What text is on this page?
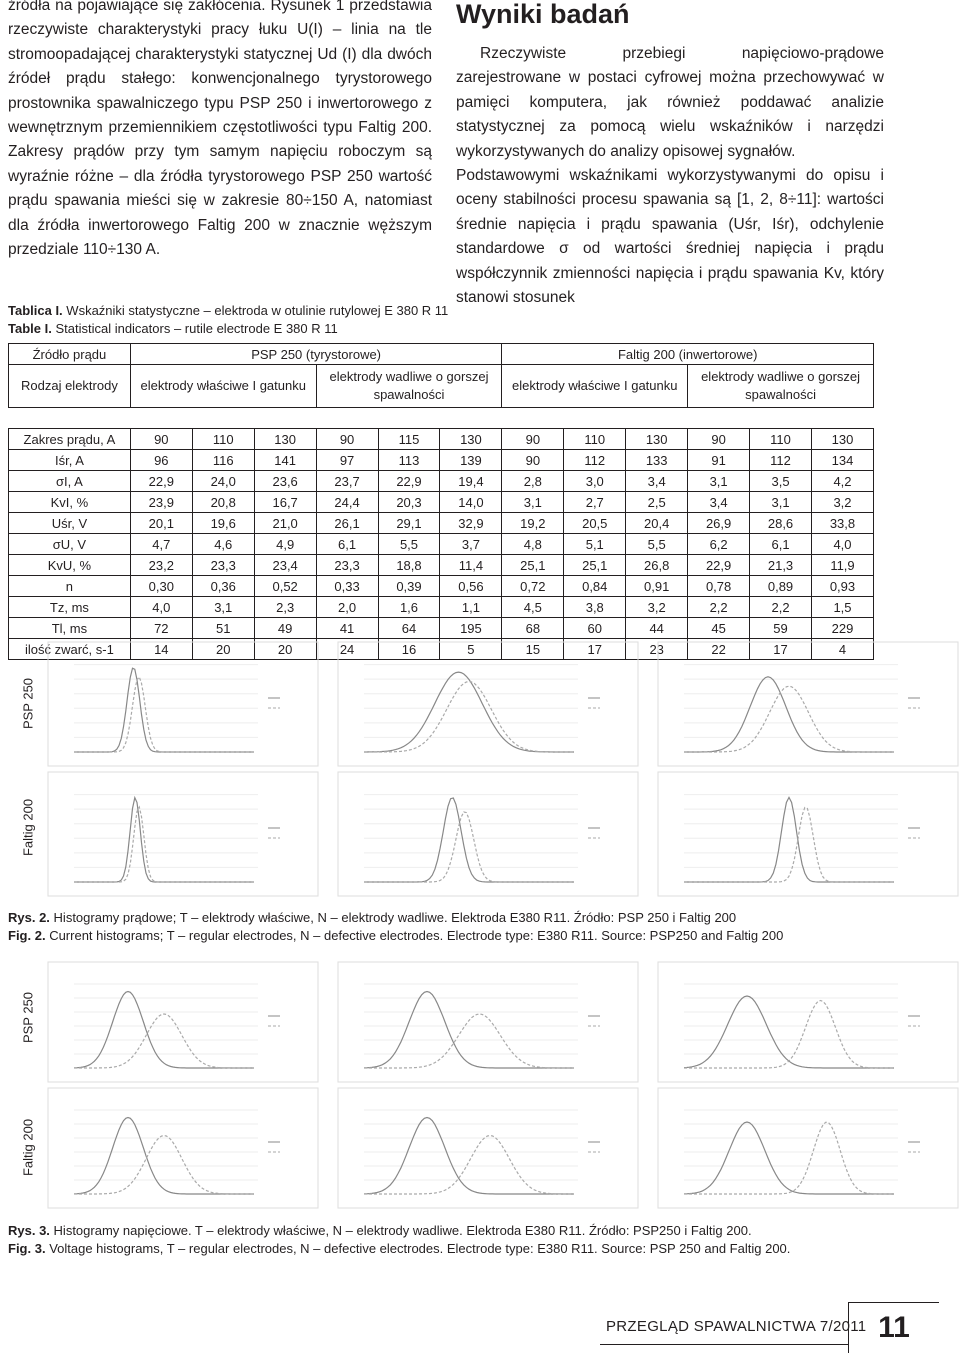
źródła na pojawiające się zakłócenia. Rysunek 1 przedstawia rzeczywiste charakterystyki pracy łuku U(I) – linia na tle stromoopadającej charakterystyki statycznej Ud (I) dla dwóch źródeł prądu stałego: konwencjonalnego tyrystorowego prostownika spawalniczego typu PSP 250 i inwertorowego z wewnętrznym przemiennikiem częstotliwości typu Faltig 200. Zakresy prądów przy tym samym napięciu roboczym są wyraźnie różne – dla źródła tyrystorowego PSP 250 wartość prądu spawania mieści się w zakresie 80÷150 A, natomiast dla źródła inwertorowego Faltig 200 w znacznie węższym przedziale 110÷130 A.

Wyniki badań

Rzeczywiste przebiegi napięciowo-prądowe zarejestrowane w postaci cyfrowej można przechowywać w pamięci komputera, jak również poddawać analizie statystycznej za pomocą wielu wskaźników i narzędzi wykorzystywanych do analizy opisowej sygnałów.

Podstawowymi wskaźnikami wykorzystywanymi do opisu i oceny stabilności procesu spawania są [1, 2, 8÷11]: wartości średnie napięcia i prądu spawania (Uśr, Iśr), odchylenie standardowe σ od wartości średniej napięcia i prądu współczynnik zmienności napięcia i prądu spawania Kv, który stanowi stosunek

Tablica I. Wskaźniki statystyczne – elektroda w otulinie rutylowej E 380 R 11
Table I. Statistical indicators – rutile electrode E 380 R 11
Źródło prądu	PSP 250 (tyrystorowe)						Faltig 200 (inwertorowe)					
Rodzaj elektrody	elektrody właściwe I gatunku			elektrody wadliwe o gorszej spawalności			elektrody właściwe I gatunku			elektrody wadliwe o gorszej spawalności		

Zakres prądu, A	90	110	130	90	115	130	90	110	130	90	110	130
Iśr, A	96	116	141	97	113	139	90	112	133	91	112	134
σI, A	22,9	24,0	23,6	23,7	22,9	19,4	2,8	3,0	3,4	3,1	3,5	4,2
KvI, %	23,9	20,8	16,7	24,4	20,3	14,0	3,1	2,7	2,5	3,4	3,1	3,2
Uśr, V	20,1	19,6	21,0	26,1	29,1	32,9	19,2	20,5	20,4	26,9	28,6	33,8
σU, V	4,7	4,6	4,9	6,1	5,5	3,7	4,8	5,1	5,5	6,2	6,1	4,0
KvU, %	23,2	23,3	23,4	23,3	18,8	11,4	25,1	25,1	26,8	22,9	21,3	11,9
n	0,30	0,36	0,52	0,33	0,39	0,56	0,72	0,84	0,91	0,78	0,89	0,93
Tz, ms	4,0	3,1	2,3	2,0	1,6	1,1	4,5	3,8	3,2	2,2	2,2	1,5
Tl, ms	72	51	49	41	64	195	68	60	44	45	59	229
ilość zwarć, s-1	14	20	20	24	16	5	15	17	23	22	17	4
PSP 250
Faltig 200
Rys. 2. Histogramy prądowe; T – elektrody właściwe, N – elektrody wadliwe. Elektroda E380 R11. Źródło: PSP 250 i Faltig 200
Fig. 2. Current histograms; T – regular electrodes, N – defective electrodes. Electrode type: E380 R11. Source: PSP250 and Faltig 200
PSP 250
Faltig 200
Rys. 3. Histogramy napięciowe. T – elektrody właściwe, N – elektrody wadliwe. Elektroda E380 R11. Źródło: PSP250 i Faltig 200.
Fig. 3. Voltage histograms, T – regular electrodes, N – defective electrodes. Electrode type: E380 R11. Source: PSP 250 and Faltig 200.
PRZEGLĄD SPAWALNICTWA 7/2011 11
